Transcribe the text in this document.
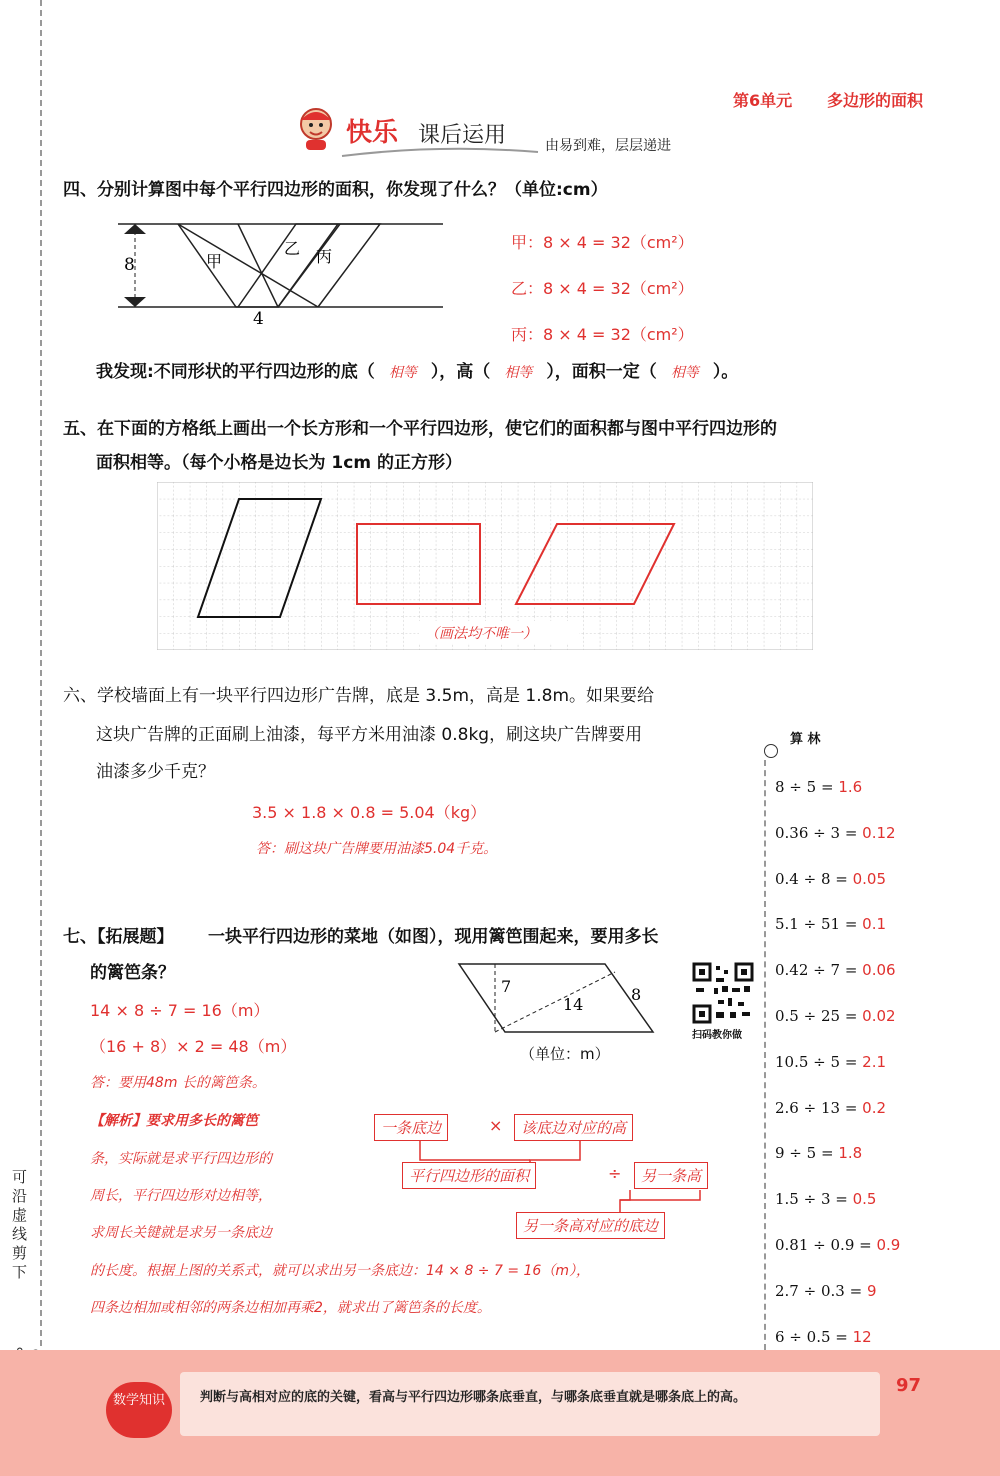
可沿虚线剪下
第6单元 多边形的面积
快乐 课后运用	由易到难，层层递进
四、分别计算图中每个平行四边形的面积，你发现了什么？（单位:cm）
8
4
甲
乙 丙
甲：8 × 4 = 32（cm²）
乙：8 × 4 = 32（cm²）
丙：8 × 4 = 32（cm²）
我发现:不同形状的平行四边形的底（ 相等 ），高（ 相等 ），面积一定（ 相等 ）。
五、在下面的方格纸上画出一个长方形和一个平行四边形，使它们的面积都与图中平行四边形的
面积相等。（每个小格是边长为 1cm 的正方形）
（画法均不唯一）
六、学校墙面上有一块平行四边形广告牌，底是 3.5m，高是 1.8m。如果要给
这块广告牌的正面刷上油漆，每平方米用油漆 0.8kg，刷这块广告牌要用
油漆多少千克？
3.5 × 1.8 × 0.8 = 5.04（kg）
答：刷这块广告牌要用油漆5.04千克。
七、【拓展题】 一块平行四边形的菜地（如图），现用篱笆围起来，要用多长
的篱笆条？
14 × 8 ÷ 7 = 16（m）
（16 + 8）× 2 = 48（m）
答：要用48m 长的篱笆条。
7
14
8
（单位：m）
扫码教你做
【解析】要求用多长的篱笆
条，实际就是求平行四边形的
周长，平行四边形对边相等，
求周长关键就是求另一条底边
的长度。根据上图的关系式，就可以求出另一条底边：14 × 8 ÷ 7 = 16（m），
四条边相加或相邻的两条边相加再乘2，就求出了篱笆条的长度。
一条底边	×	该底边对应的高
平行四边形的面积	÷	另一条高
另一条高对应的底边
算 林
8 ÷ 5 = 1.6
0.36 ÷ 3 = 0.12
0.4 ÷ 8 = 0.05
5.1 ÷ 51 = 0.1
0.42 ÷ 7 = 0.06
0.5 ÷ 25 = 0.02
10.5 ÷ 5 = 2.1
2.6 ÷ 13 = 0.2
9 ÷ 5 = 1.8
1.5 ÷ 3 = 0.5
0.81 ÷ 0.9 = 0.9
2.7 ÷ 0.3 = 9
6 ÷ 0.5 = 12
数学知识	判断与高相对应的底的关键，看高与平行四边形哪条底垂直，与哪条底垂直就是哪条底上的高。
97
